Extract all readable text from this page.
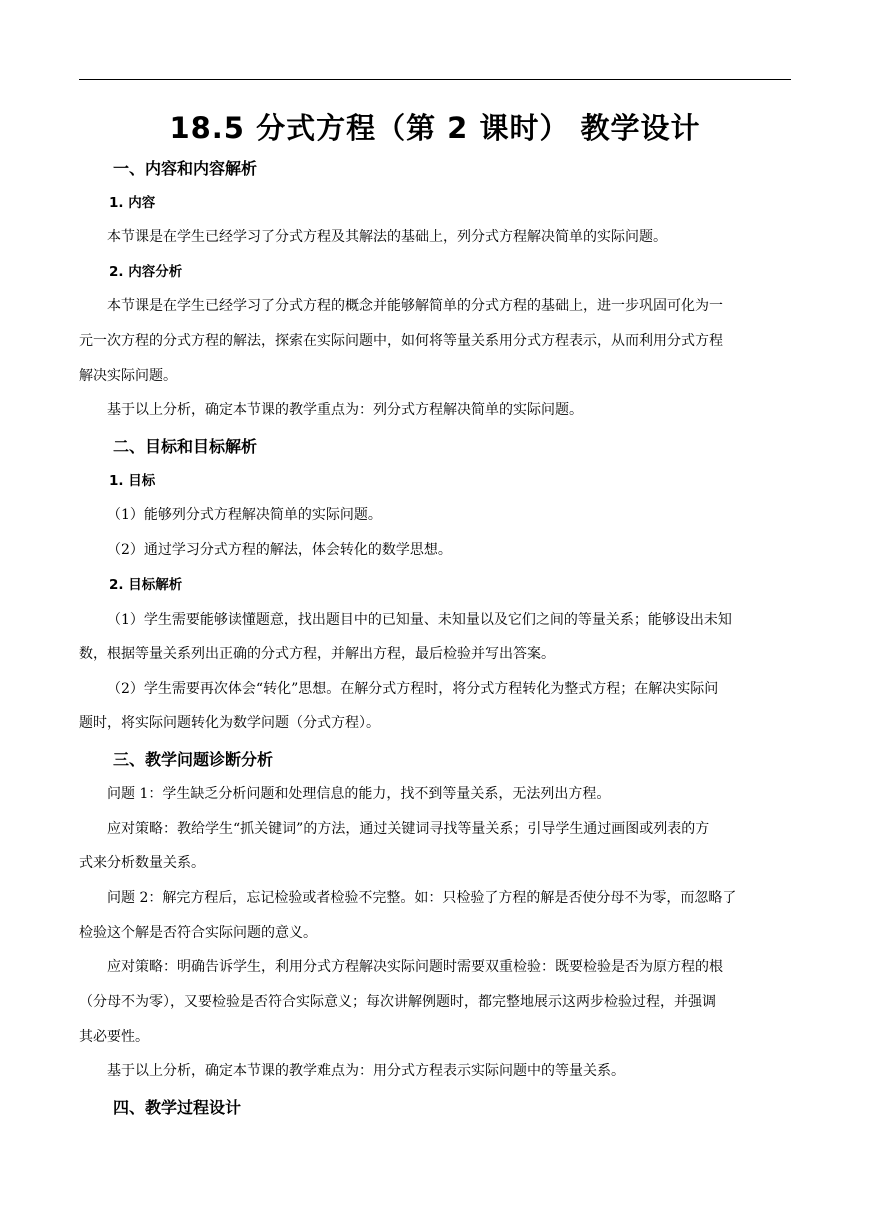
18.5 分式方程（第 2 课时） 教学设计
一、内容和内容解析
1. 内容
本节课是在学生已经学习了分式方程及其解法的基础上，列分式方程解决简单的实际问题。
2. 内容分析
本节课是在学生已经学习了分式方程的概念并能够解简单的分式方程的基础上，进一步巩固可化为一
元一次方程的分式方程的解法，探索在实际问题中，如何将等量关系用分式方程表示，从而利用分式方程
解决实际问题。
基于以上分析，确定本节课的教学重点为：列分式方程解决简单的实际问题。
二、目标和目标解析
1. 目标
（1）能够列分式方程解决简单的实际问题。
（2）通过学习分式方程的解法，体会转化的数学思想。
2. 目标解析
（1）学生需要能够读懂题意，找出题目中的已知量、未知量以及它们之间的等量关系；能够设出未知
数，根据等量关系列出正确的分式方程，并解出方程，最后检验并写出答案。
（2）学生需要再次体会“转化”思想。在解分式方程时，将分式方程转化为整式方程；在解决实际问
题时，将实际问题转化为数学问题（分式方程）。
三、教学问题诊断分析
问题 1：学生缺乏分析问题和处理信息的能力，找不到等量关系，无法列出方程。
应对策略：教给学生“抓关键词”的方法，通过关键词寻找等量关系；引导学生通过画图或列表的方
式来分析数量关系。
问题 2：解完方程后，忘记检验或者检验不完整。如：只检验了方程的解是否使分母不为零，而忽略了
检验这个解是否符合实际问题的意义。
应对策略：明确告诉学生，利用分式方程解决实际问题时需要双重检验：既要检验是否为原方程的根
（分母不为零），又要检验是否符合实际意义；每次讲解例题时，都完整地展示这两步检验过程，并强调
其必要性。
基于以上分析，确定本节课的教学难点为：用分式方程表示实际问题中的等量关系。
四、教学过程设计
